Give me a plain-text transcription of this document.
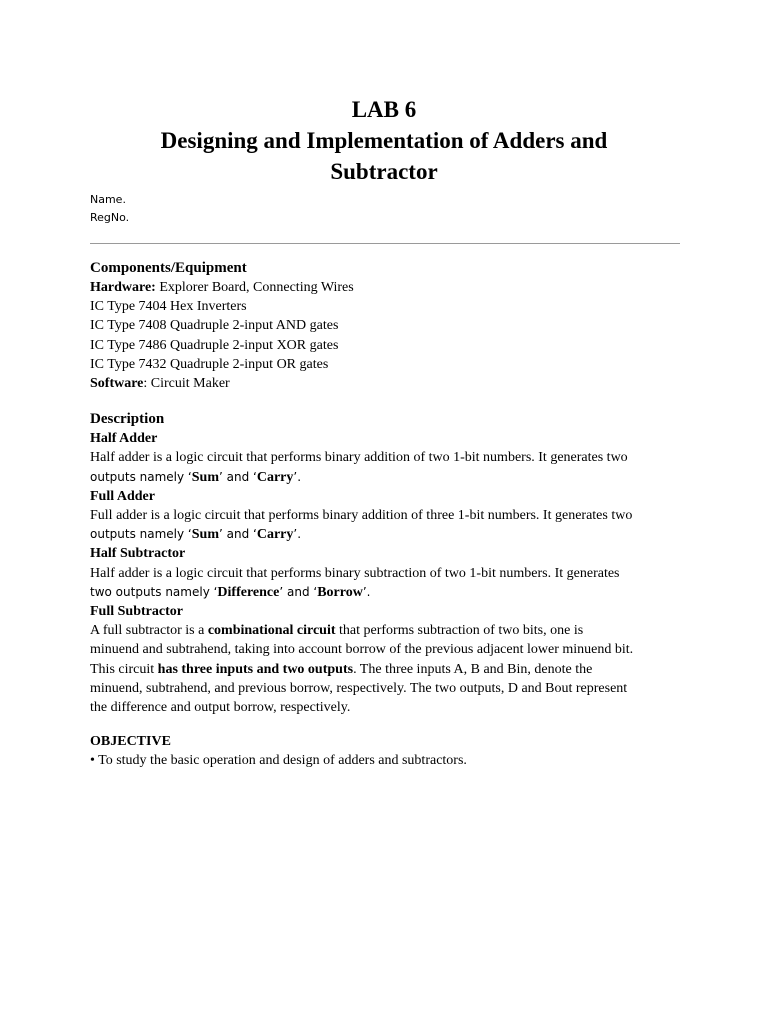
LAB 6
Designing and Implementation of Adders and
Subtractor
Name.
RegNo.
Components/Equipment
Hardware: Explorer Board, Connecting Wires
IC Type 7404 Hex Inverters
IC Type 7408 Quadruple 2-input AND gates
IC Type 7486 Quadruple 2-input XOR gates
IC Type 7432 Quadruple 2-input OR gates
Software: Circuit Maker
Description
Half Adder
Half adder is a logic circuit that performs binary addition of two 1-bit numbers. It generates two
outputs namely ‘Sum’ and ‘Carry’.
Full Adder
Full adder is a logic circuit that performs binary addition of three 1-bit numbers. It generates two
outputs namely ‘Sum’ and ‘Carry’.
Half Subtractor
Half adder is a logic circuit that performs binary subtraction of two 1-bit numbers. It generates
two outputs namely ‘Difference’ and ‘Borrow’.
Full Subtractor
A full subtractor is a combinational circuit that performs subtraction of two bits, one is
minuend and subtrahend, taking into account borrow of the previous adjacent lower minuend bit.
This circuit has three inputs and two outputs. The three inputs A, B and Bin, denote the
minuend, subtrahend, and previous borrow, respectively. The two outputs, D and Bout represent
the difference and output borrow, respectively.
OBJECTIVE
• To study the basic operation and design of adders and subtractors.
